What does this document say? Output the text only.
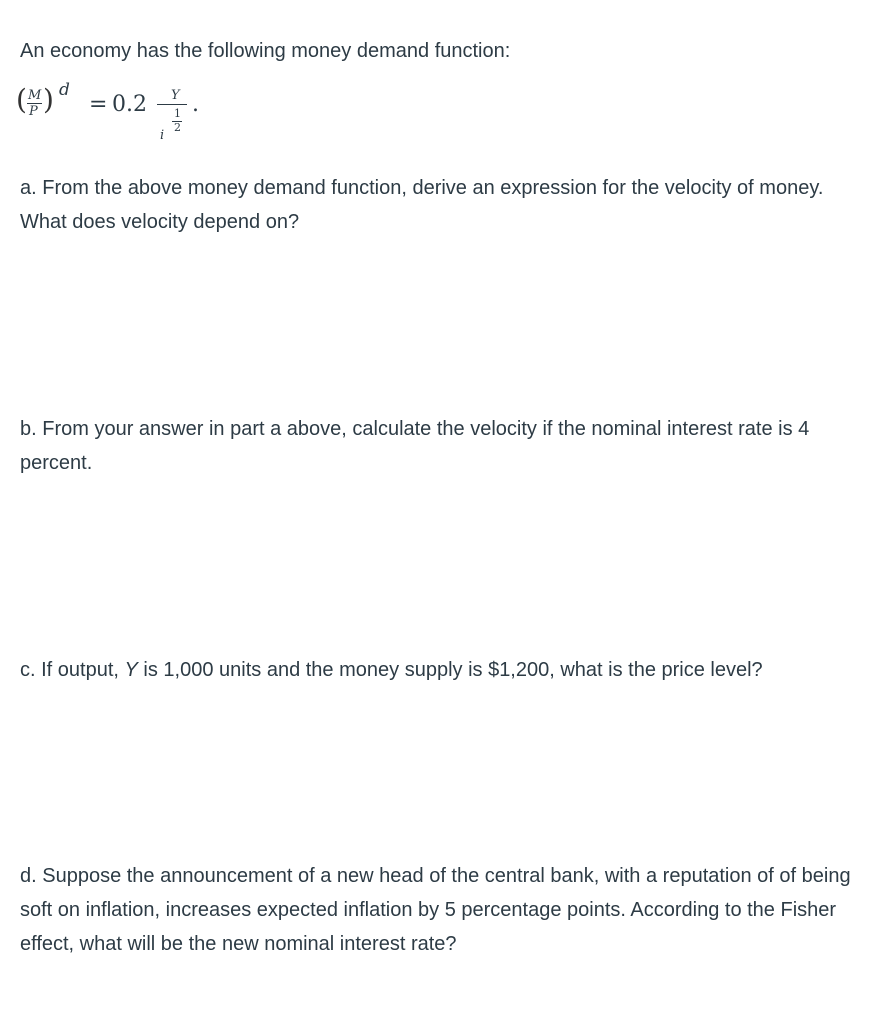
An economy has the following money demand function:

( M
P ) d
= 0.2 Y
i
1
2
.

a. From the above money demand function, derive an expression for the velocity of money. What does velocity depend on?

b. From your answer in part a above, calculate the velocity if the nominal interest rate is 4 percent.

c. If output, Y is 1,000 units and the money supply is $1,200, what is the price level?

d. Suppose the announcement of a new head of the central bank, with a reputation of of being soft on inflation, increases expected inflation by 5 percentage points. According to the Fisher effect, what will be the new nominal interest rate?
